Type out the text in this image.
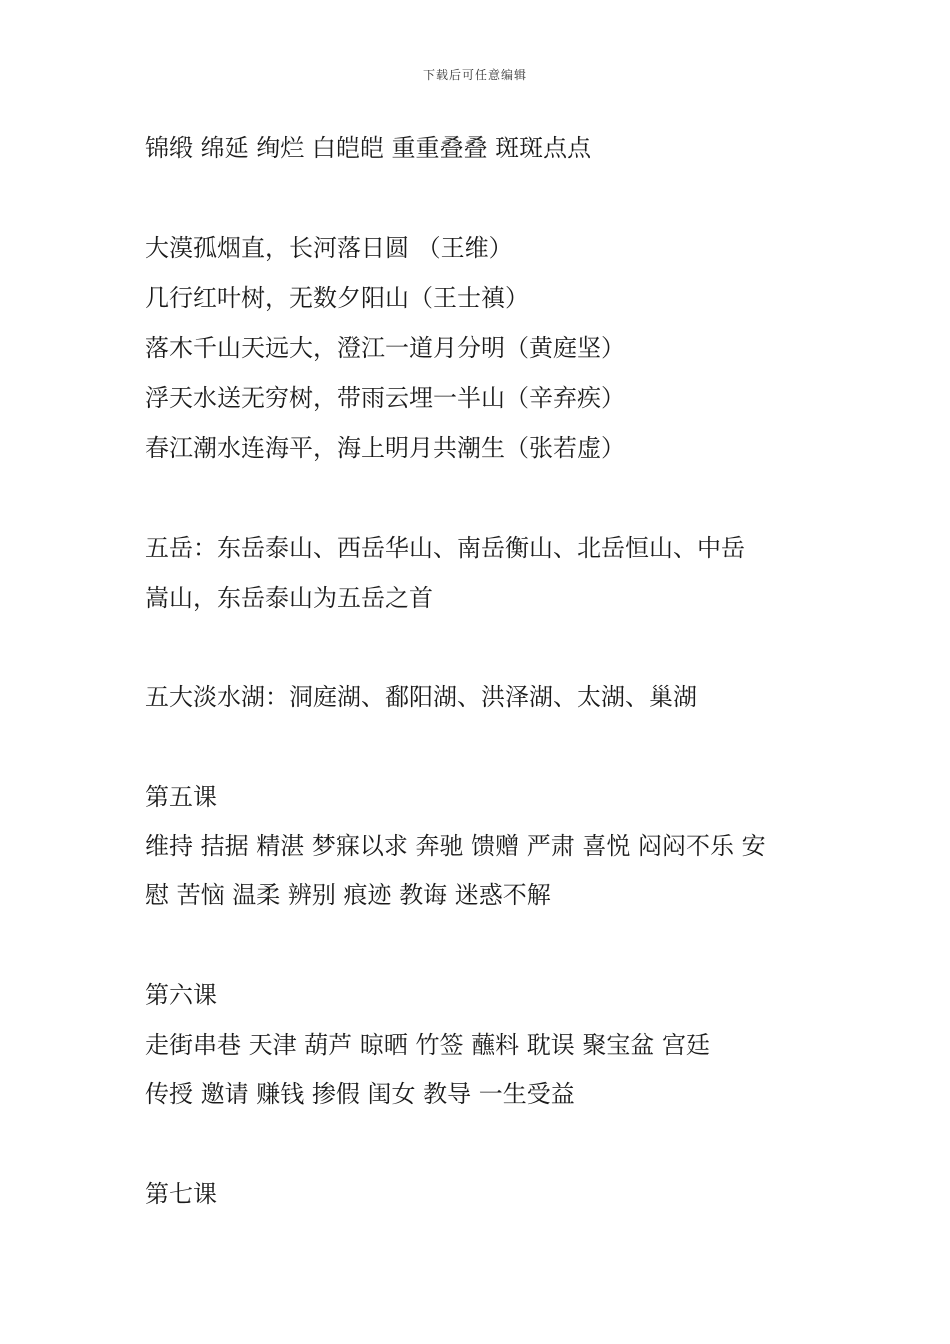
下载后可任意编辑
锦缎 绵延 绚烂 白皑皑 重重叠叠 斑斑点点
大漠孤烟直，长河落日圆 （王维）
几行红叶树，无数夕阳山（王士禛）
落木千山天远大，澄江一道月分明（黄庭坚）
浮天水送无穷树，带雨云埋一半山（辛弃疾）
春江潮水连海平，海上明月共潮生（张若虚）
五岳：东岳泰山、西岳华山、南岳衡山、北岳恒山、中岳
嵩山，东岳泰山为五岳之首
五大淡水湖：洞庭湖、鄱阳湖、洪泽湖、太湖、巢湖
第五课
维持 拮据 精湛 梦寐以求 奔驰 馈赠 严肃 喜悦 闷闷不乐 安
慰 苦恼 温柔 辨别 痕迹 教诲 迷惑不解
第六课
走街串巷 天津 葫芦 晾晒 竹签 蘸料 耽误 聚宝盆 宫廷
传授 邀请 赚钱 掺假 闺女 教导 一生受益
第七课
